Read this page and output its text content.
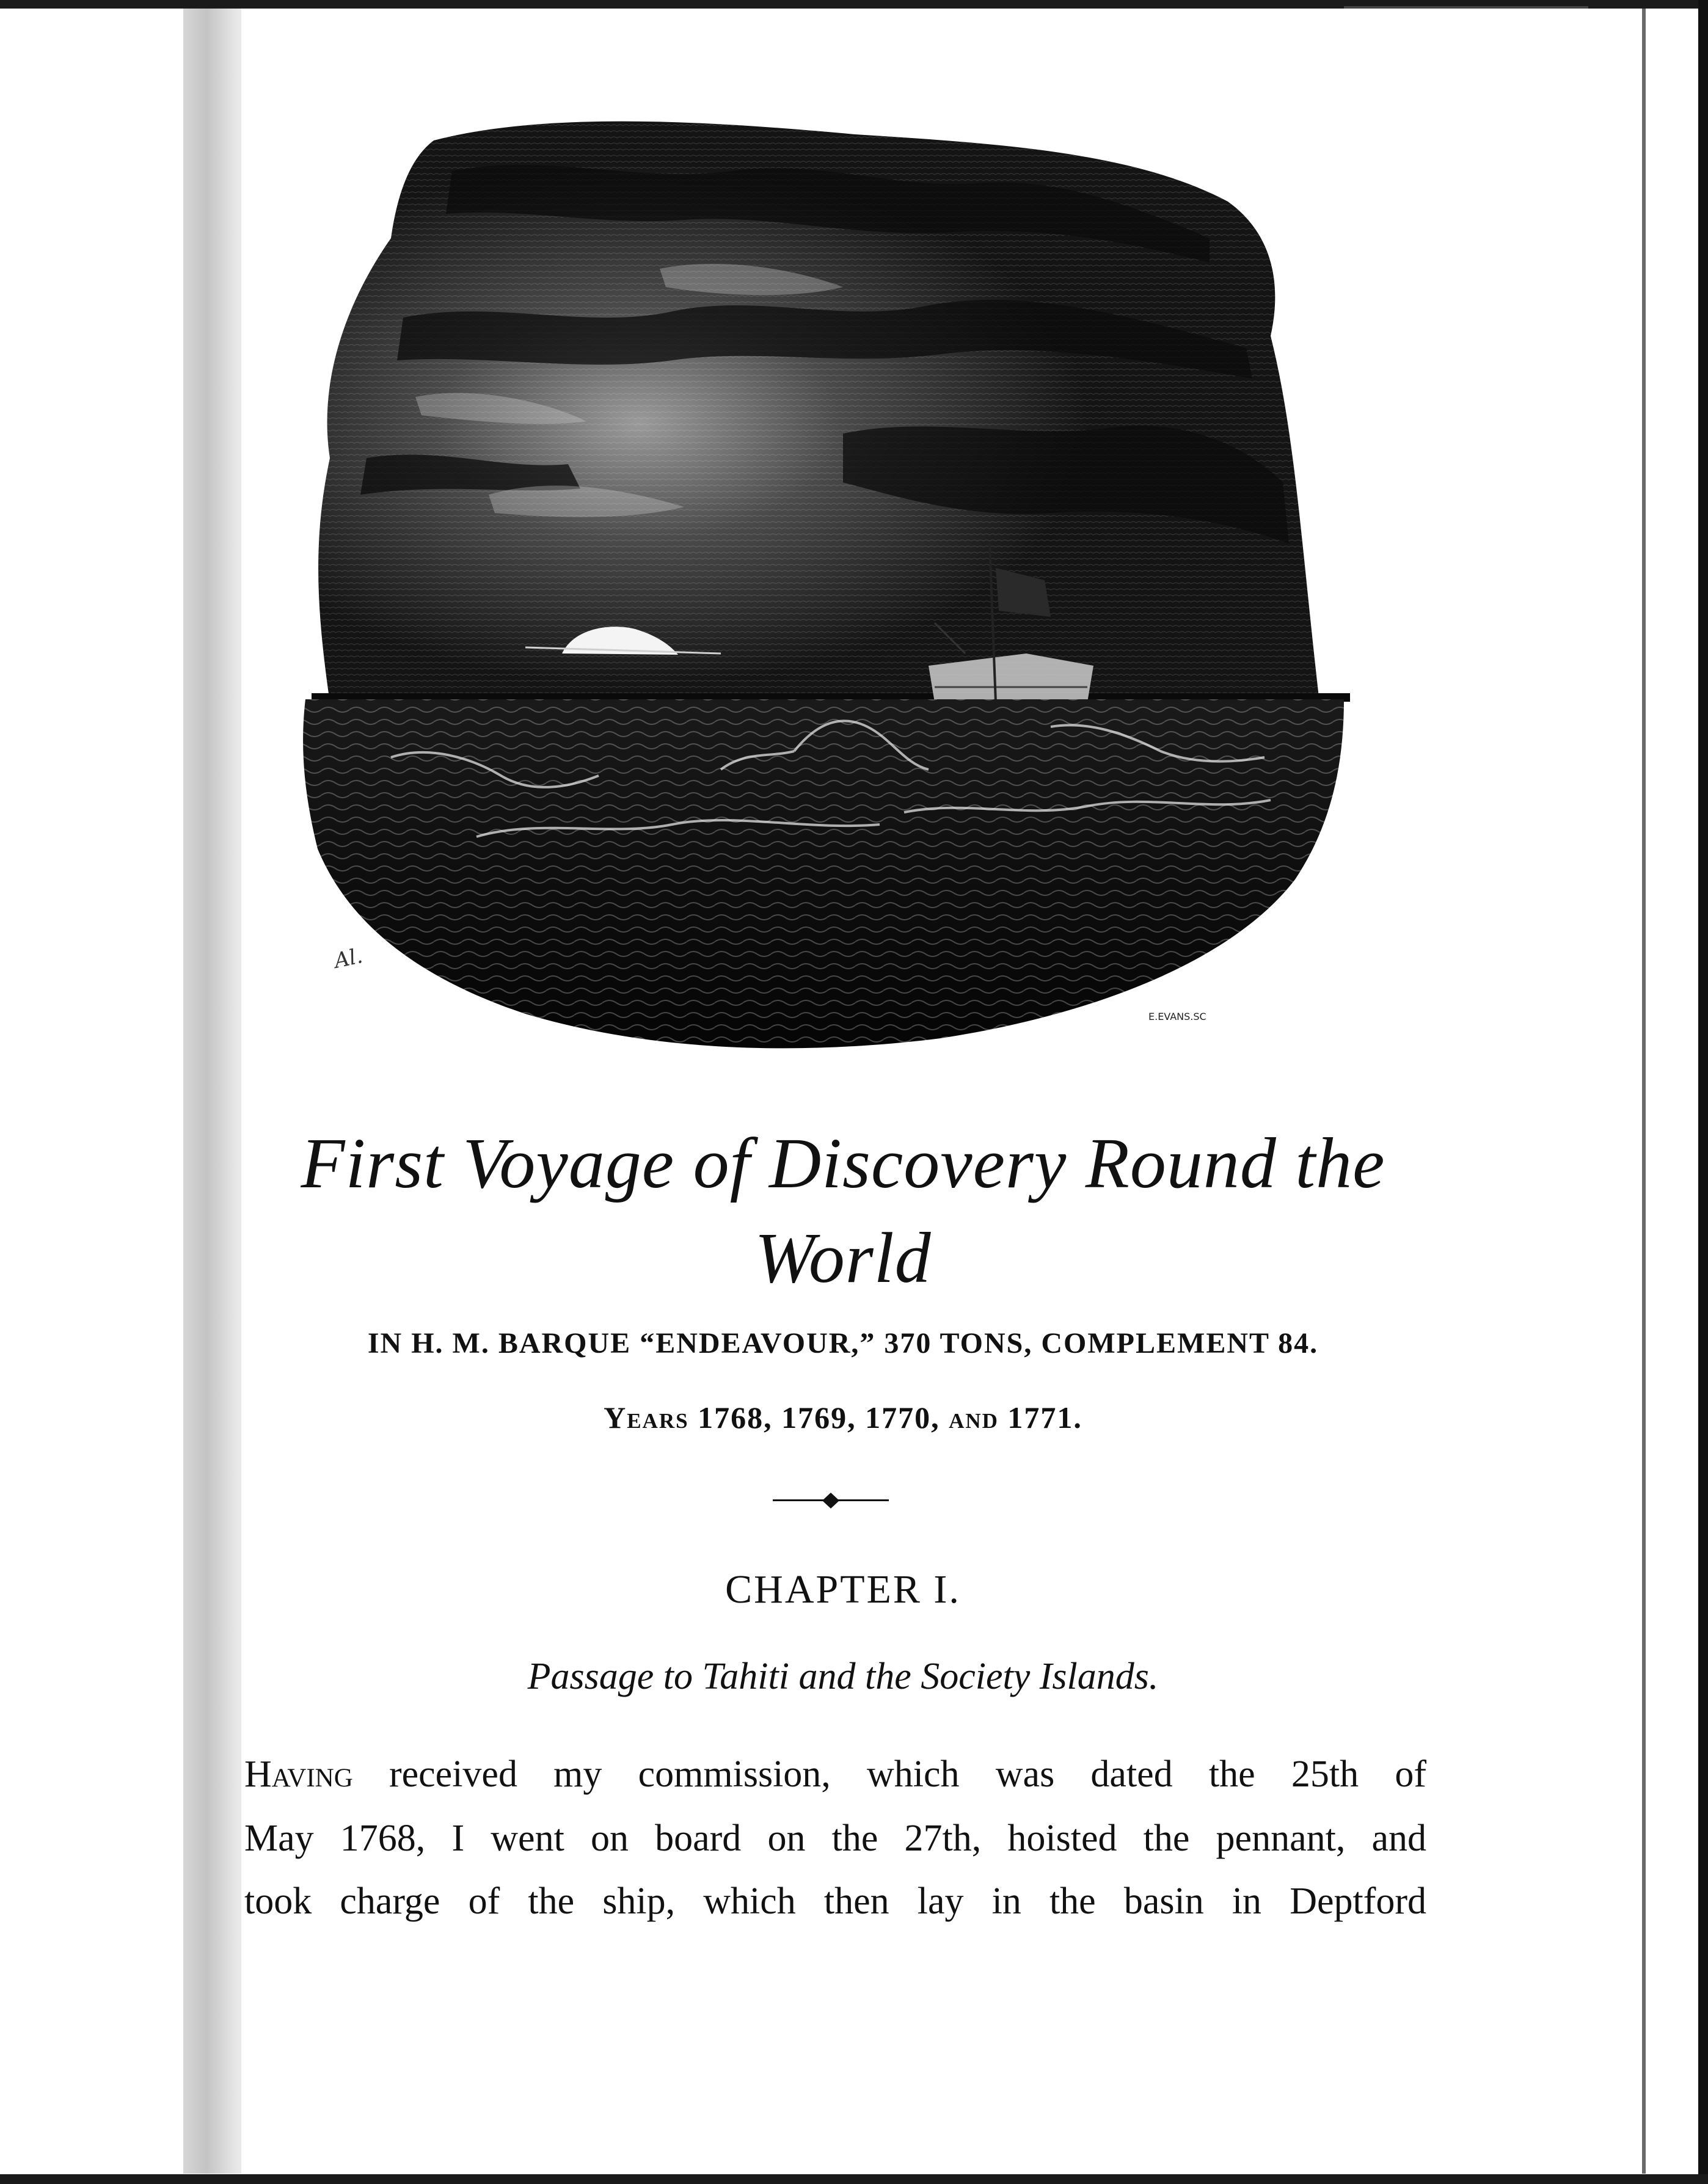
Al.
E.EVANS.SC
First Voyage of Discovery Round the
World
IN H. M. BARQUE “ENDEAVOUR,” 370 TONS, COMPLEMENT 84.
Years 1768, 1769, 1770, and 1771.
CHAPTER I.
Passage to Tahiti and the Society Islands.
Having received my commission, which was dated the 25th of
May 1768, I went on board on the 27th, hoisted the pennant, and
took charge of the ship, which then lay in the basin in Deptford
